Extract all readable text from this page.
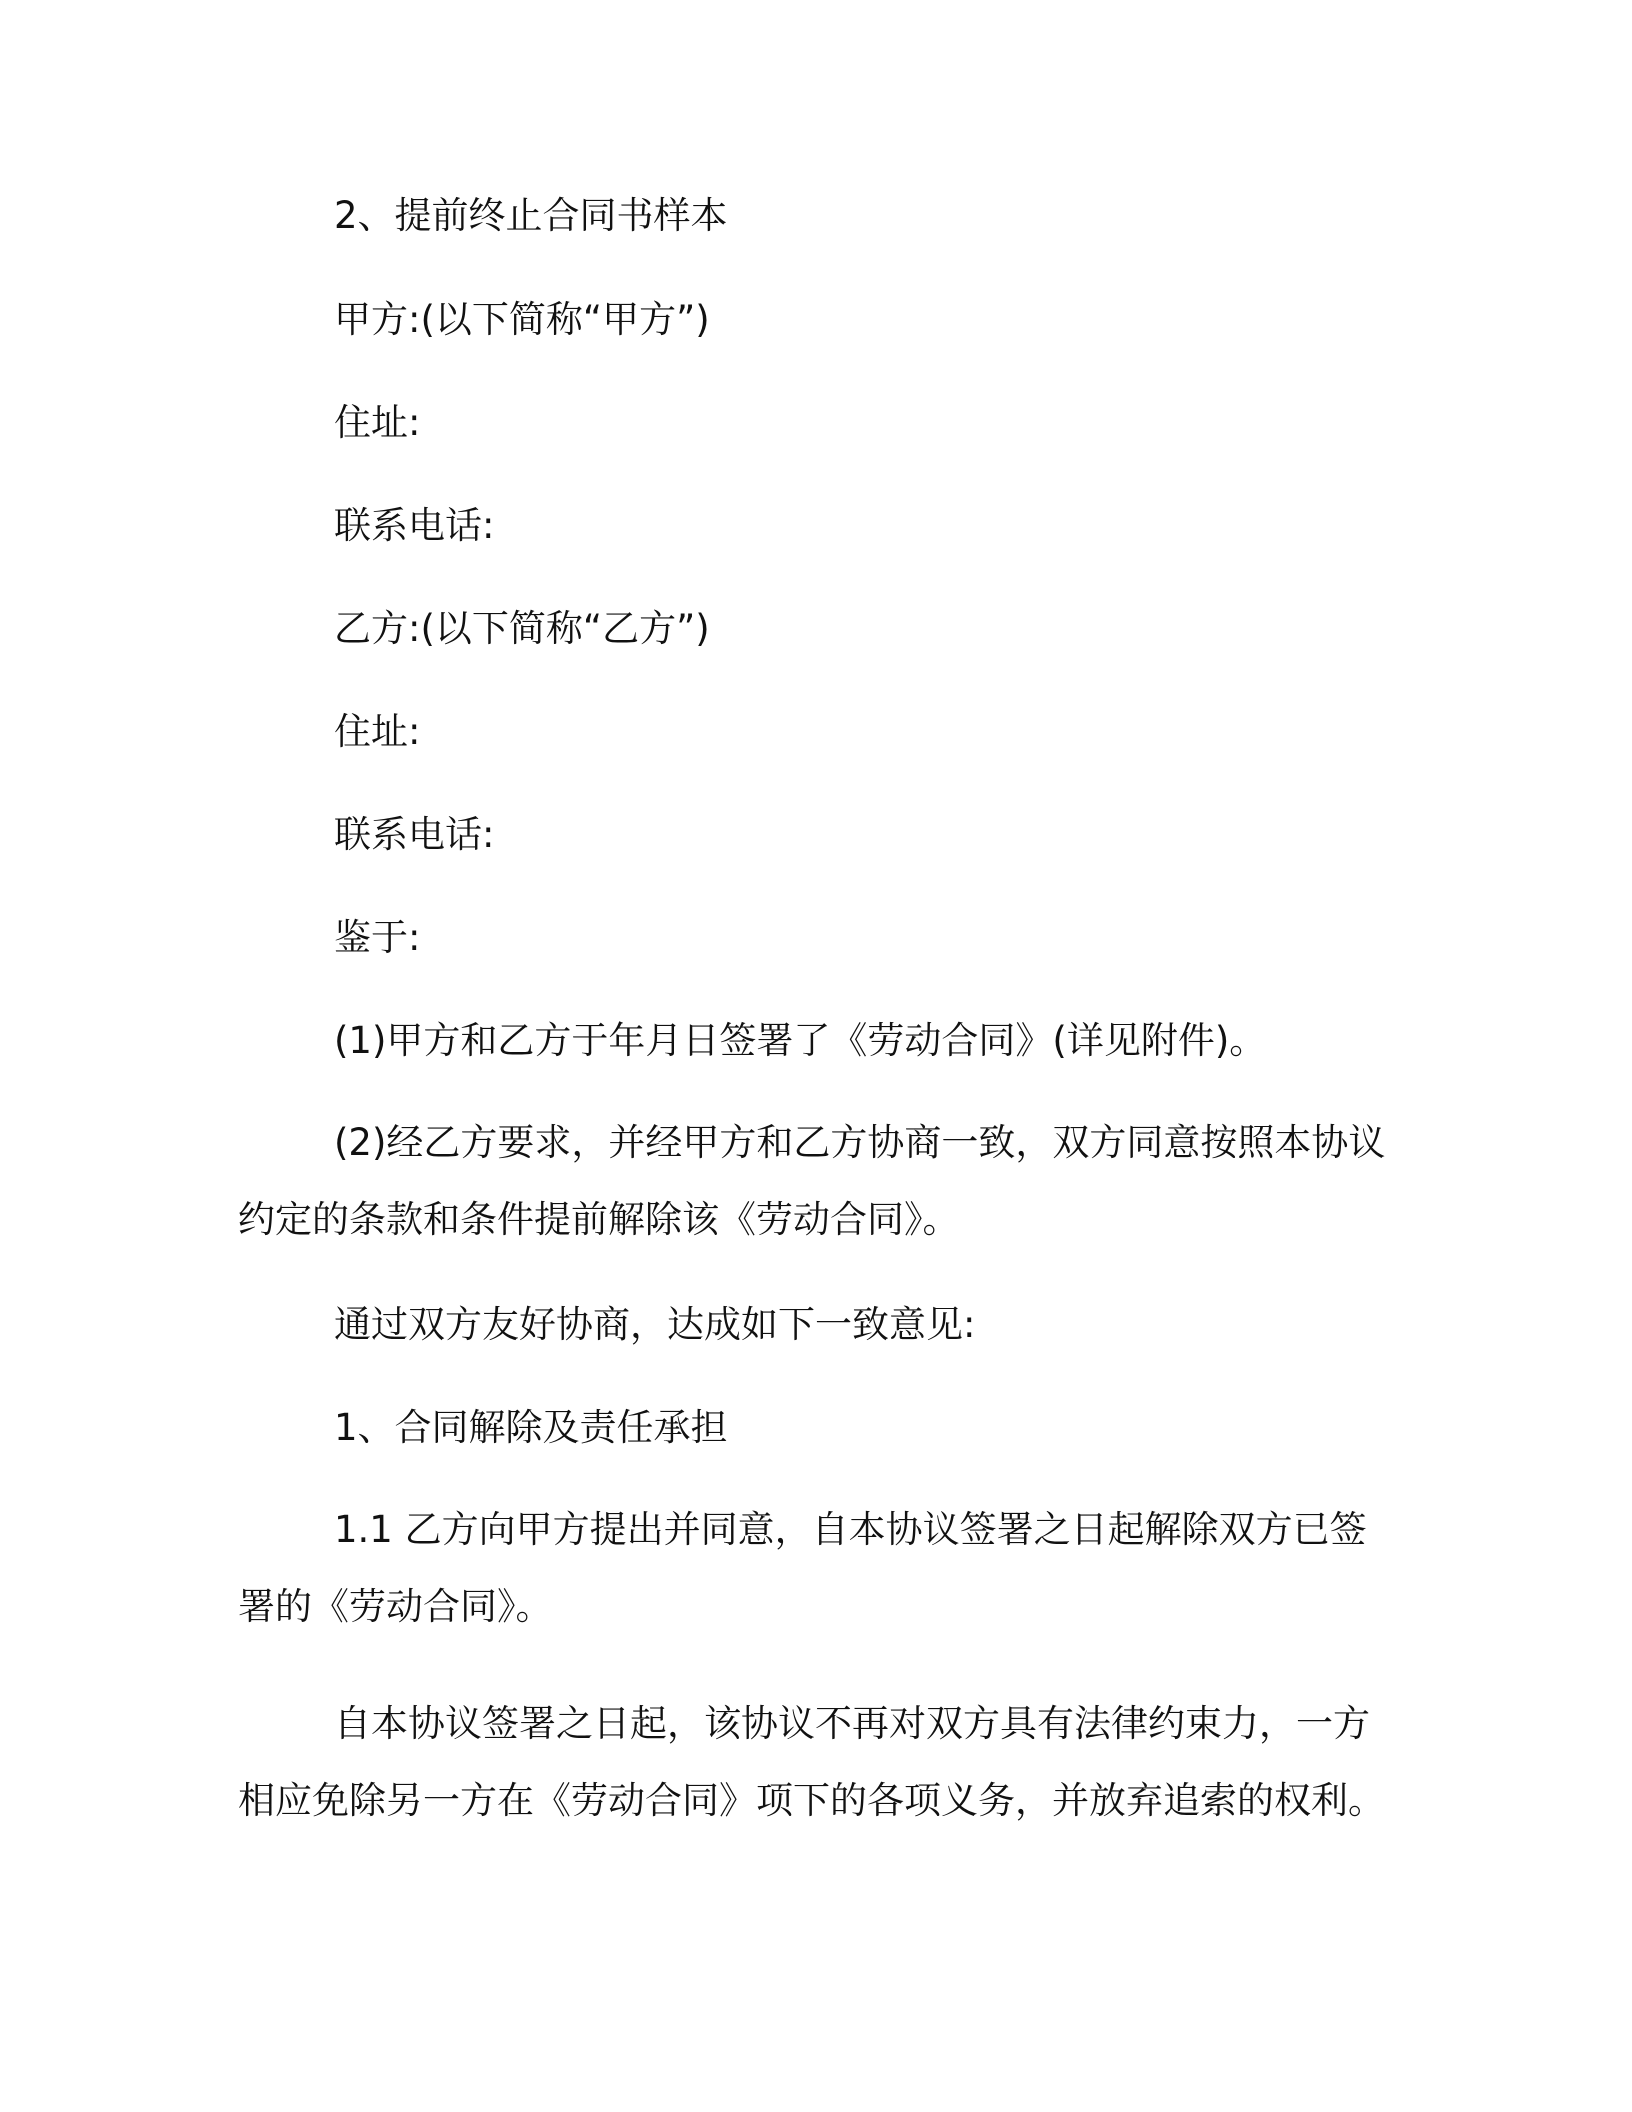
2、提前终止合同书样本
甲方:(以下简称“甲方”)
住址:
联系电话:
乙方:(以下简称“乙方”)
住址:
联系电话:
鉴于:
(1)甲方和乙方于年月日签署了《劳动合同》(详见附件)。
(2)经乙方要求，并经甲方和乙方协商一致，双方同意按照本协议约定的条款和条件提前解除该《劳动合同》。
通过双方友好协商，达成如下一致意见:
1、合同解除及责任承担
1.1 乙方向甲方提出并同意，自本协议签署之日起解除双方已签署的《劳动合同》。
自本协议签署之日起，该协议不再对双方具有法律约束力，一方相应免除另一方在《劳动合同》项下的各项义务，并放弃追索的权利。
